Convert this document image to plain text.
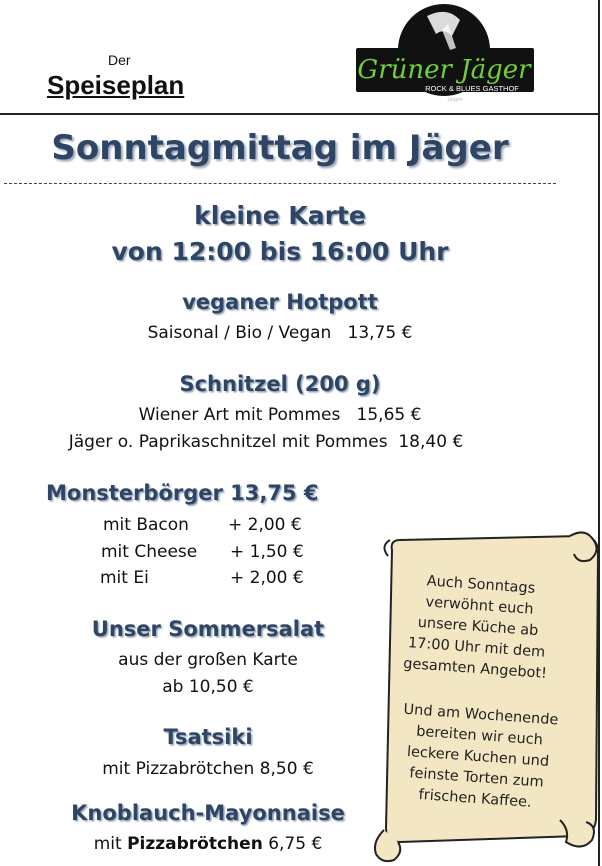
Der
Speiseplan	Grüner Jäger
ROCK & BLUES GASTHOF
Lingen
Sonntagmittag im Jäger
kleine Karte
von 12:00 bis 16:00 Uhr
veganer Hotpott
Saisonal / Bio / Vegan   13,75 €
Schnitzel (200 g)
Wiener Art mit Pommes   15,65 €
Jäger o. Paprikaschnitzel mit Pommes  18,40 €
Monsterbörger 13,75 €
mit Bacon + 2,00 €
mit Cheese + 1,50 €
mit Ei	+ 2,00 €
Unser Sommersalat
aus der großen Karte
ab 10,50 €
Tsatsiki
mit Pizzabrötchen 8,50 €
Knoblauch-Mayonnaise
mit Pizzabrötchen 6,75 €
Auch Sonntags
verwöhnt euch
unsere Küche ab
17:00 Uhr mit dem
gesamten Angebot!
Und am Wochenende
bereiten wir euch
leckere Kuchen und
feinste Torten zum
frischen Kaffee.
